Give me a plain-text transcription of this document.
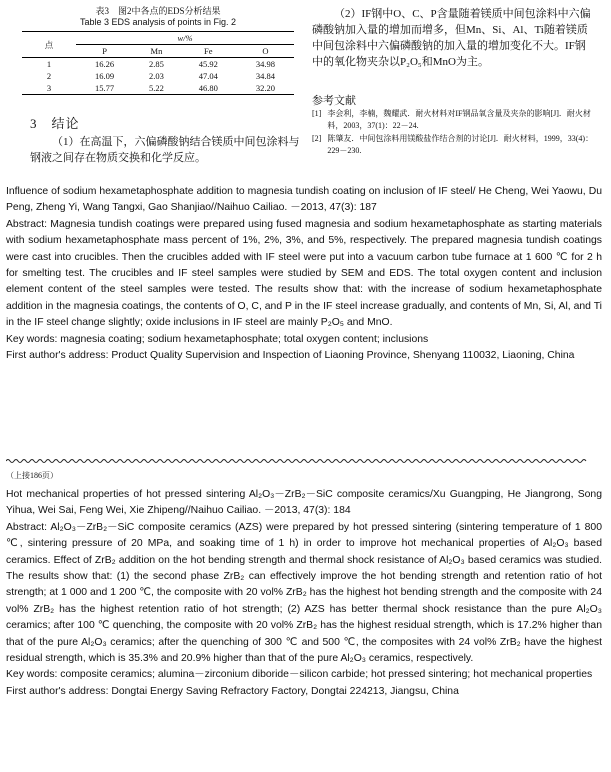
表3　图2中各点的EDS分析结果
Table 3 EDS analysis of points in Fig. 2
点	w/%			
	P	Mn	Fe	O
1	16.26	2.85	45.92	34.98
2	16.09	2.03	47.04	34.84
3	15.77	5.22	46.80	32.20
3　结论
（1）在高温下，六偏磷酸钠结合镁质中间包涂料与钢液之间存在物质交换和化学反应。
（2）IF钢中O、C、P含量随着镁质中间包涂料中六偏磷酸钠加入量的增加而增多，但Mn、Si、Al、Ti随着镁质中间包涂料中六偏磷酸钠的加入量的增加变化不大。IF钢中的氧化物夹杂以P₂O₅和MnO为主。
参考文献
[1] 李会利，李楠，魏耀武．耐火材料对IF钢品氧含量及夹杂的影响[J]．耐火材料，2003，37(1)：22－24.
[2] 陈肇友．中间包涂料用镁酸盐作结合剂的讨论[J]．耐火材料，1999，33(4)：229－230.

Influence of sodium hexametaphosphate addition to magnesia tundish coating on inclusion of IF steel/ He Cheng, Wei Yaowu, Du Peng, Zheng Yi, Wang Tangxi, Gao Shanjiao//Naihuo Cailiao. －2013, 47(3): 187

Abstract: Magnesia tundish coatings were prepared using fused magnesia and sodium hexametaphosphate as starting materials with sodium hexametaphosphate mass percent of 1%, 2%, 3%, and 5%, respectively. The prepared magnesia tundish coatings were cast into crucibles. Then the crucibles added with IF steel were put into a vacuum carbon tube furnace at 1 600 ℃ for 2 h for smelting test. The crucibles and IF steel samples were studied by SEM and EDS. The total oxygen content and inclusion element content of the steel samples were tested. The results show that: with the increase of sodium hexametaphosphate addition in the magnesia coatings, the contents of O, C, and P in the IF steel increase gradually, and contents of Mn, Si, Al, and Ti in the IF steel change slightly; oxide inclusions in IF steel are mainly P₂O₅ and MnO.

Key words: magnesia coating; sodium hexametaphosphate; total oxygen content; inclusions

First author's address: Product Quality Supervision and Inspection of Liaoning Province, Shenyang 110032, Liaoning, China

（上接186页）

Hot mechanical properties of hot pressed sintering Al₂O₃－ZrB₂－SiC composite ceramics/Xu Guangping, He Jiangrong, Song Yihua, Wei Sai, Feng Wei, Xie Zhipeng//Naihuo Cailiao. －2013, 47(3): 184

Abstract: Al₂O₃－ZrB₂－SiC composite ceramics (AZS) were prepared by hot pressed sintering (sintering temperature of 1 800 ℃, sintering pressure of 20 MPa, and soaking time of 1 h) in order to improve hot mechanical properties of Al₂O₃ based ceramics. Effect of ZrB₂ addition on the hot bending strength and thermal shock resistance of Al₂O₃ based ceramics was studied. The results show that: (1) the second phase ZrB₂ can effectively improve the hot bending strength and retention ratio of hot strength; at 1 000 and 1 200 ℃, the composite with 20 vol% ZrB₂ has the highest hot bending strength and the composite with 24 vol% ZrB₂ has the highest retention ratio of hot strength; (2) AZS has better thermal shock resistance than the pure Al₂O₃ ceramics; after 100 ℃ quenching, the composite with 20 vol% ZrB₂ has the highest residual strength, which is 17.2% higher than that of the pure Al₂O₃ ceramics; after the quenching of 300 ℃ and 500 ℃, the composites with 24 vol% ZrB₂ have the highest residual strength, which is 35.3% and 20.9% higher than that of the pure Al₂O₃ ceramics, respectively.

Key words: composite ceramics; alumina－zirconium diboride－silicon carbide; hot pressed sintering; hot mechanical properties

First author's address: Dongtai Energy Saving Refractory Factory, Dongtai 224213, Jiangsu, China
